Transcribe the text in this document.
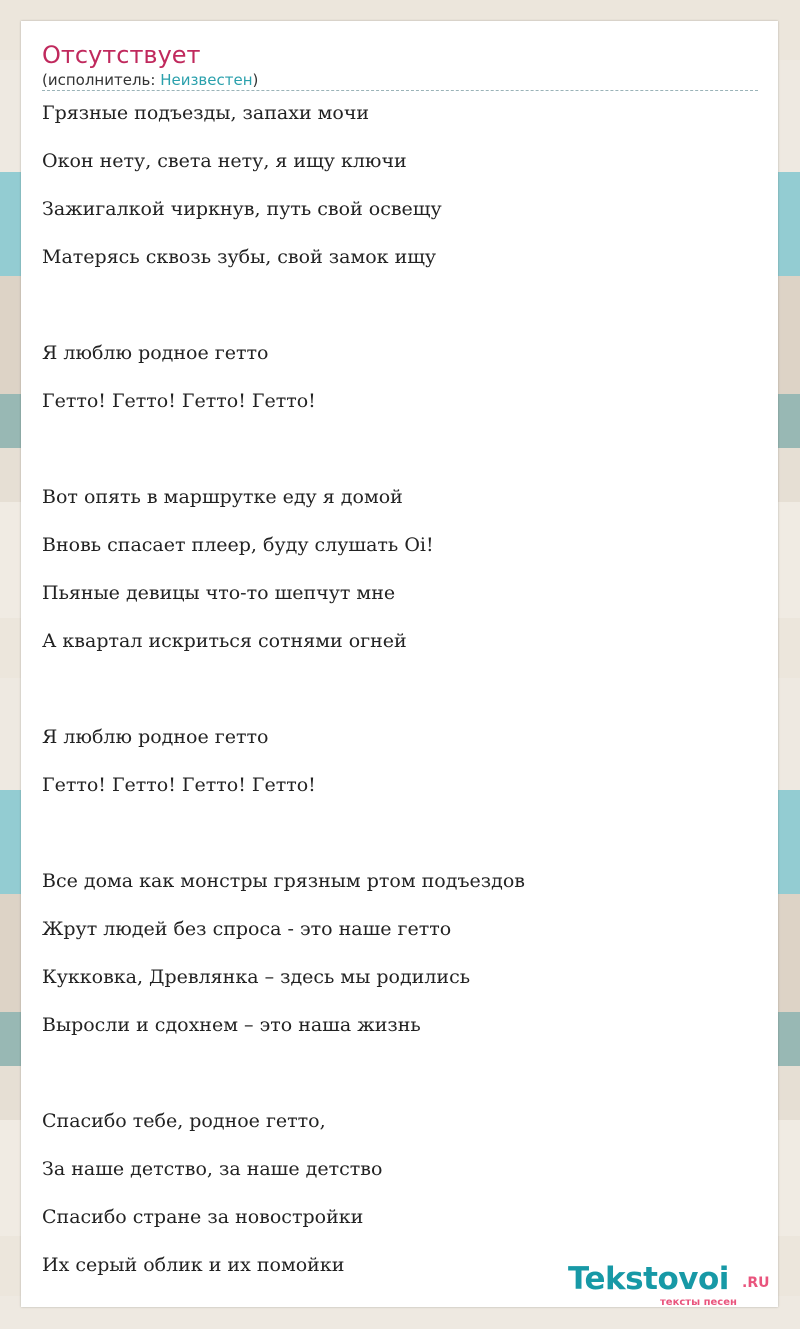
Отсутствует
(исполнитель: Неизвестен)
Грязные подъезды, запахи мочи
Окон нету, света нету, я ищу ключи
Зажигалкой чиркнув, путь свой освещу
Матерясь сквозь зубы, свой замок ищу
Я люблю родное гетто
Гетто! Гетто! Гетто! Гетто!
Вот опять в маршрутке еду я домой
Вновь спасает плеер, буду слушать Oi!
Пьяные девицы что-то шепчут мне
А квартал искриться сотнями огней
Я люблю родное гетто
Гетто! Гетто! Гетто! Гетто!
Все дома как монстры грязным ртом подъездов
Жрут людей без спроса - это наше гетто
Кукковка, Древлянка – здесь мы родились
Выросли и сдохнем – это наша жизнь
Спасибо тебе, родное гетто,
За наше детство, за наше детство
Спасибо стране за новостройки
Их серый облик и их помойки	Tekstovoi .RU
тексты песен
